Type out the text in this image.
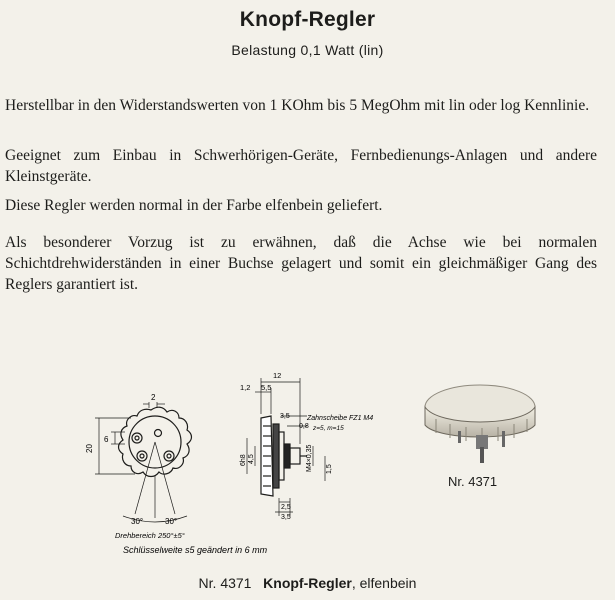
Knopf-Regler
Belastung 0,1 Watt (lin)
Herstellbar in den Widerstandswerten von 1 KOhm bis 5 MegOhm mit lin oder log Kennlinie.
Geeignet zum Einbau in Schwerhörigen-Geräte, Fernbedienungs-Anlagen und andere Kleinstgeräte.
Diese Regler werden normal in der Farbe elfenbein geliefert.
Als besonderer Vorzug ist zu erwähnen, daß die Achse wie bei normalen Schichtdrehwiderständen in einer Buchse gelagert und somit ein gleichmäßiger Gang des Reglers garantiert ist.
2
6
20
30°	30°
Drehbereich 250°±5°
Schlüsselweite s5 geändert in 6 mm
12
5,5
1,2
3,5
0,8
Zahnscheibe FZ1 M4
z=5, m=15
6h8 4,5	M4×0,35 1,5
2,5
3,5
Nr. 4371
Nr. 4371 Knopf-Regler, elfenbein
